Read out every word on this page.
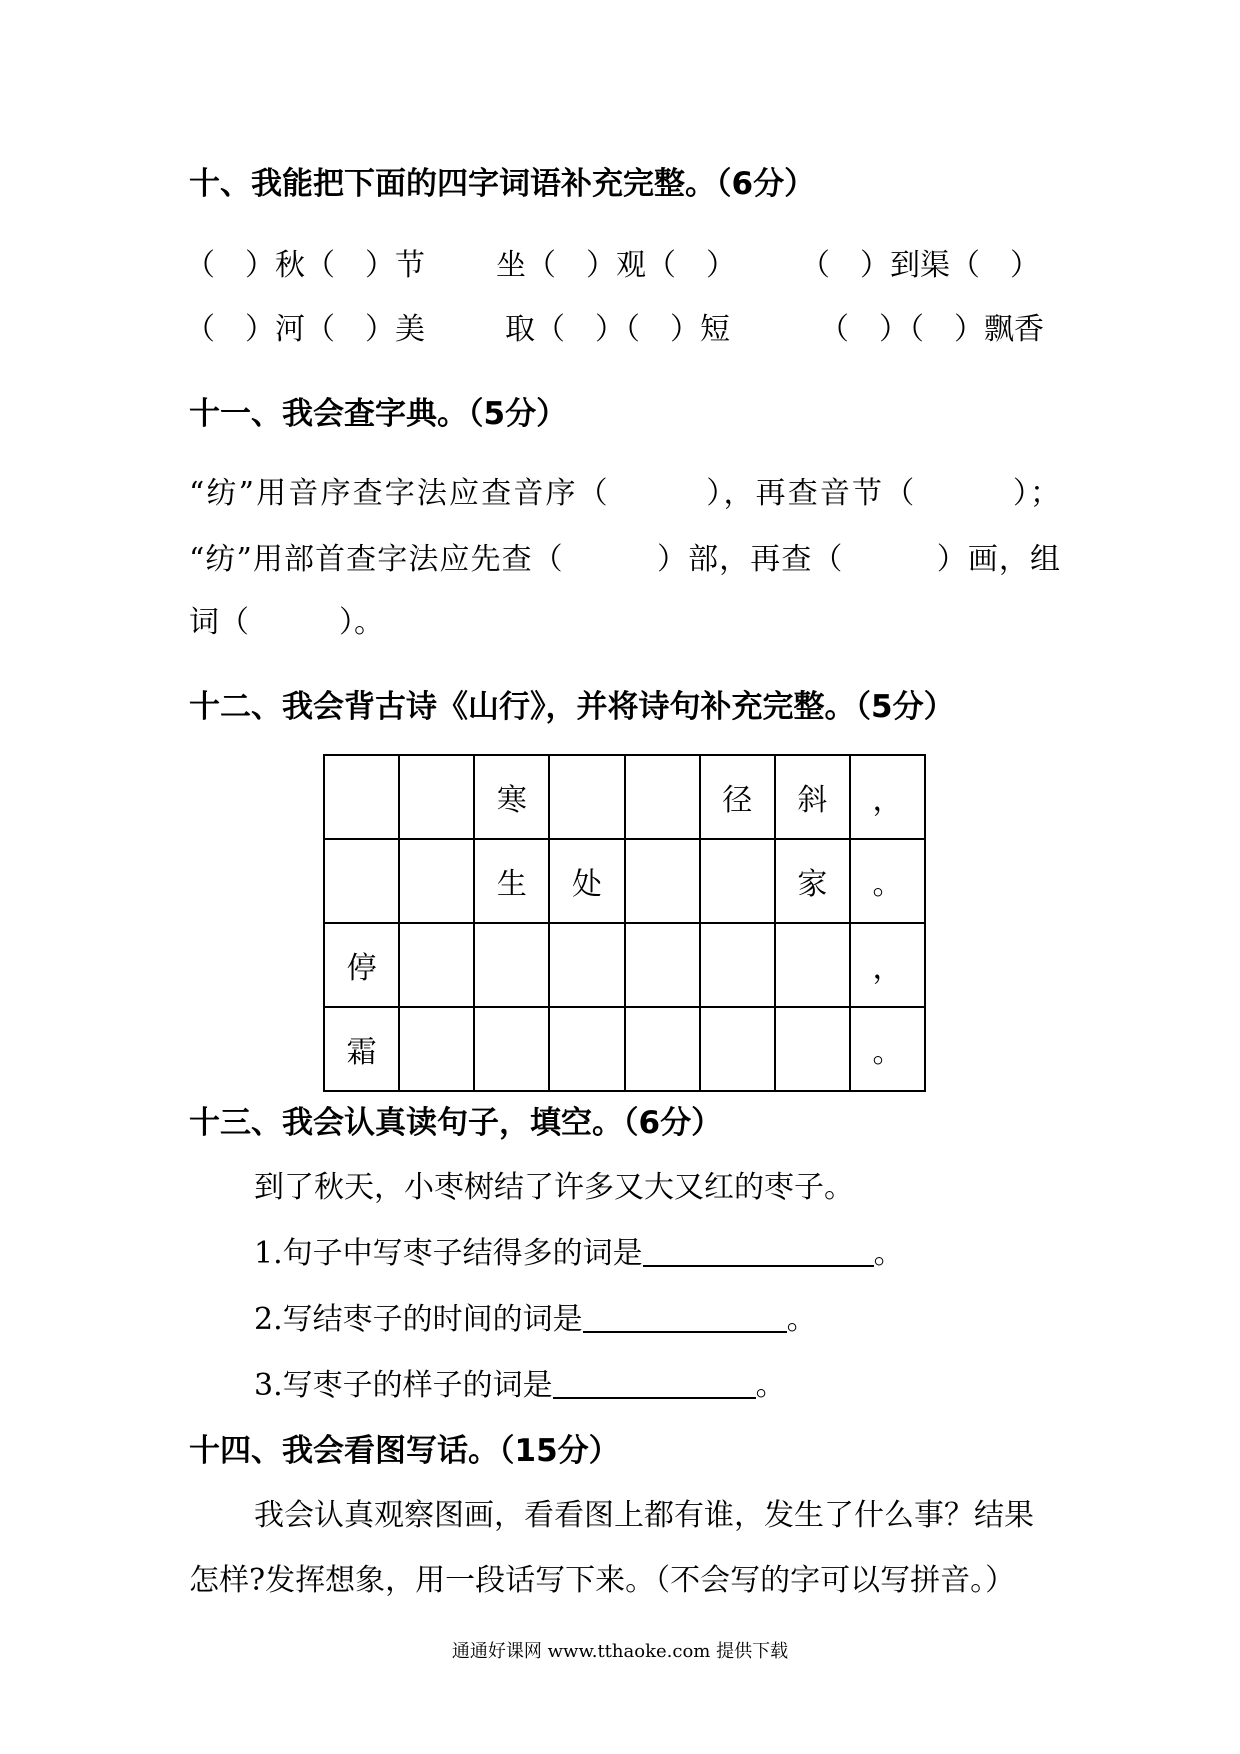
十、我能把下面的四字词语补充完整。（6分）
（　）秋（　）节 坐（　）观（　） （　）到渠（　）
（　）河（　）美	取（　）（　）短	（　）（　）飘香
十一、我会查字典。（5分）
“纺”用音序查字法应查音序（　　　），再查音节（　　　）；
“纺”用部首查字法应先查（　　　）部，再查（　　　）画，组
词（　　　）。
十二、我会背古诗《山行》，并将诗句补充完整。（5分）
		寒			径	斜	，
		生	处			家	。
停							，
霜							。
十三、我会认真读句子，填空。（6分）
到了秋天，小枣树结了许多又大又红的枣子。
1.句子中写枣子结得多的词是	。
2.写结枣子的时间的词是	。
3.写枣子的样子的词是	。
十四、我会看图写话。（15分）
我会认真观察图画，看看图上都有谁，发生了什么事？结果
怎样?发挥想象，用一段话写下来。（不会写的字可以写拼音。）
通通好课网 www.tthaoke.com 提供下载
